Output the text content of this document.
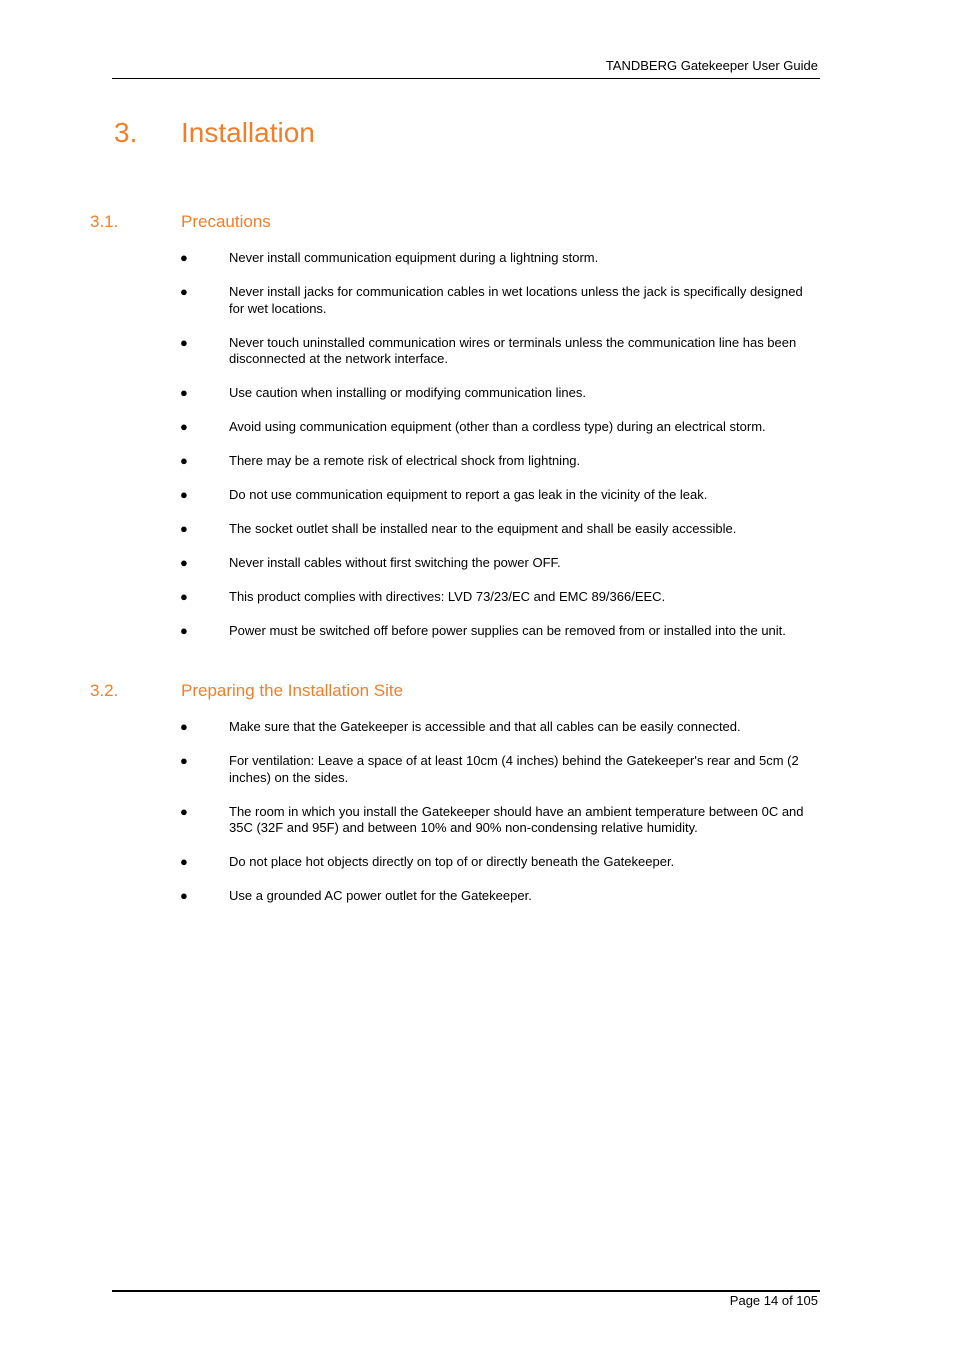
TANDBERG Gatekeeper User Guide
3. Installation
3.1.	Precautions
●	Never install communication equipment during a lightning storm.
●	Never install jacks for communication cables in wet locations unless the jack is specifically designed for wet locations.
●	Never touch uninstalled communication wires or terminals unless the communication line has been disconnected at the network interface.
●	Use caution when installing or modifying communication lines.
●	Avoid using communication equipment (other than a cordless type) during an electrical storm.
●	There may be a remote risk of electrical shock from lightning.
●	Do not use communication equipment to report a gas leak in the vicinity of the leak.
●	The socket outlet shall be installed near to the equipment and shall be easily accessible.
●	Never install cables without first switching the power OFF.
●	This product complies with directives: LVD 73/23/EC and EMC 89/366/EEC.
●	Power must be switched off before power supplies can be removed from or installed into the unit.
3.2.	Preparing the Installation Site
●	Make sure that the Gatekeeper is accessible and that all cables can be easily connected.
●	For ventilation: Leave a space of at least 10cm (4 inches) behind the Gatekeeper's rear and 5cm (2 inches) on the sides.
●	The room in which you install the Gatekeeper should have an ambient temperature between 0C and 35C (32F and 95F) and between 10% and 90% non-condensing relative humidity.
●	Do not place hot objects directly on top of or directly beneath the Gatekeeper.
●	Use a grounded AC power outlet for the Gatekeeper.
Page 14 of 105
